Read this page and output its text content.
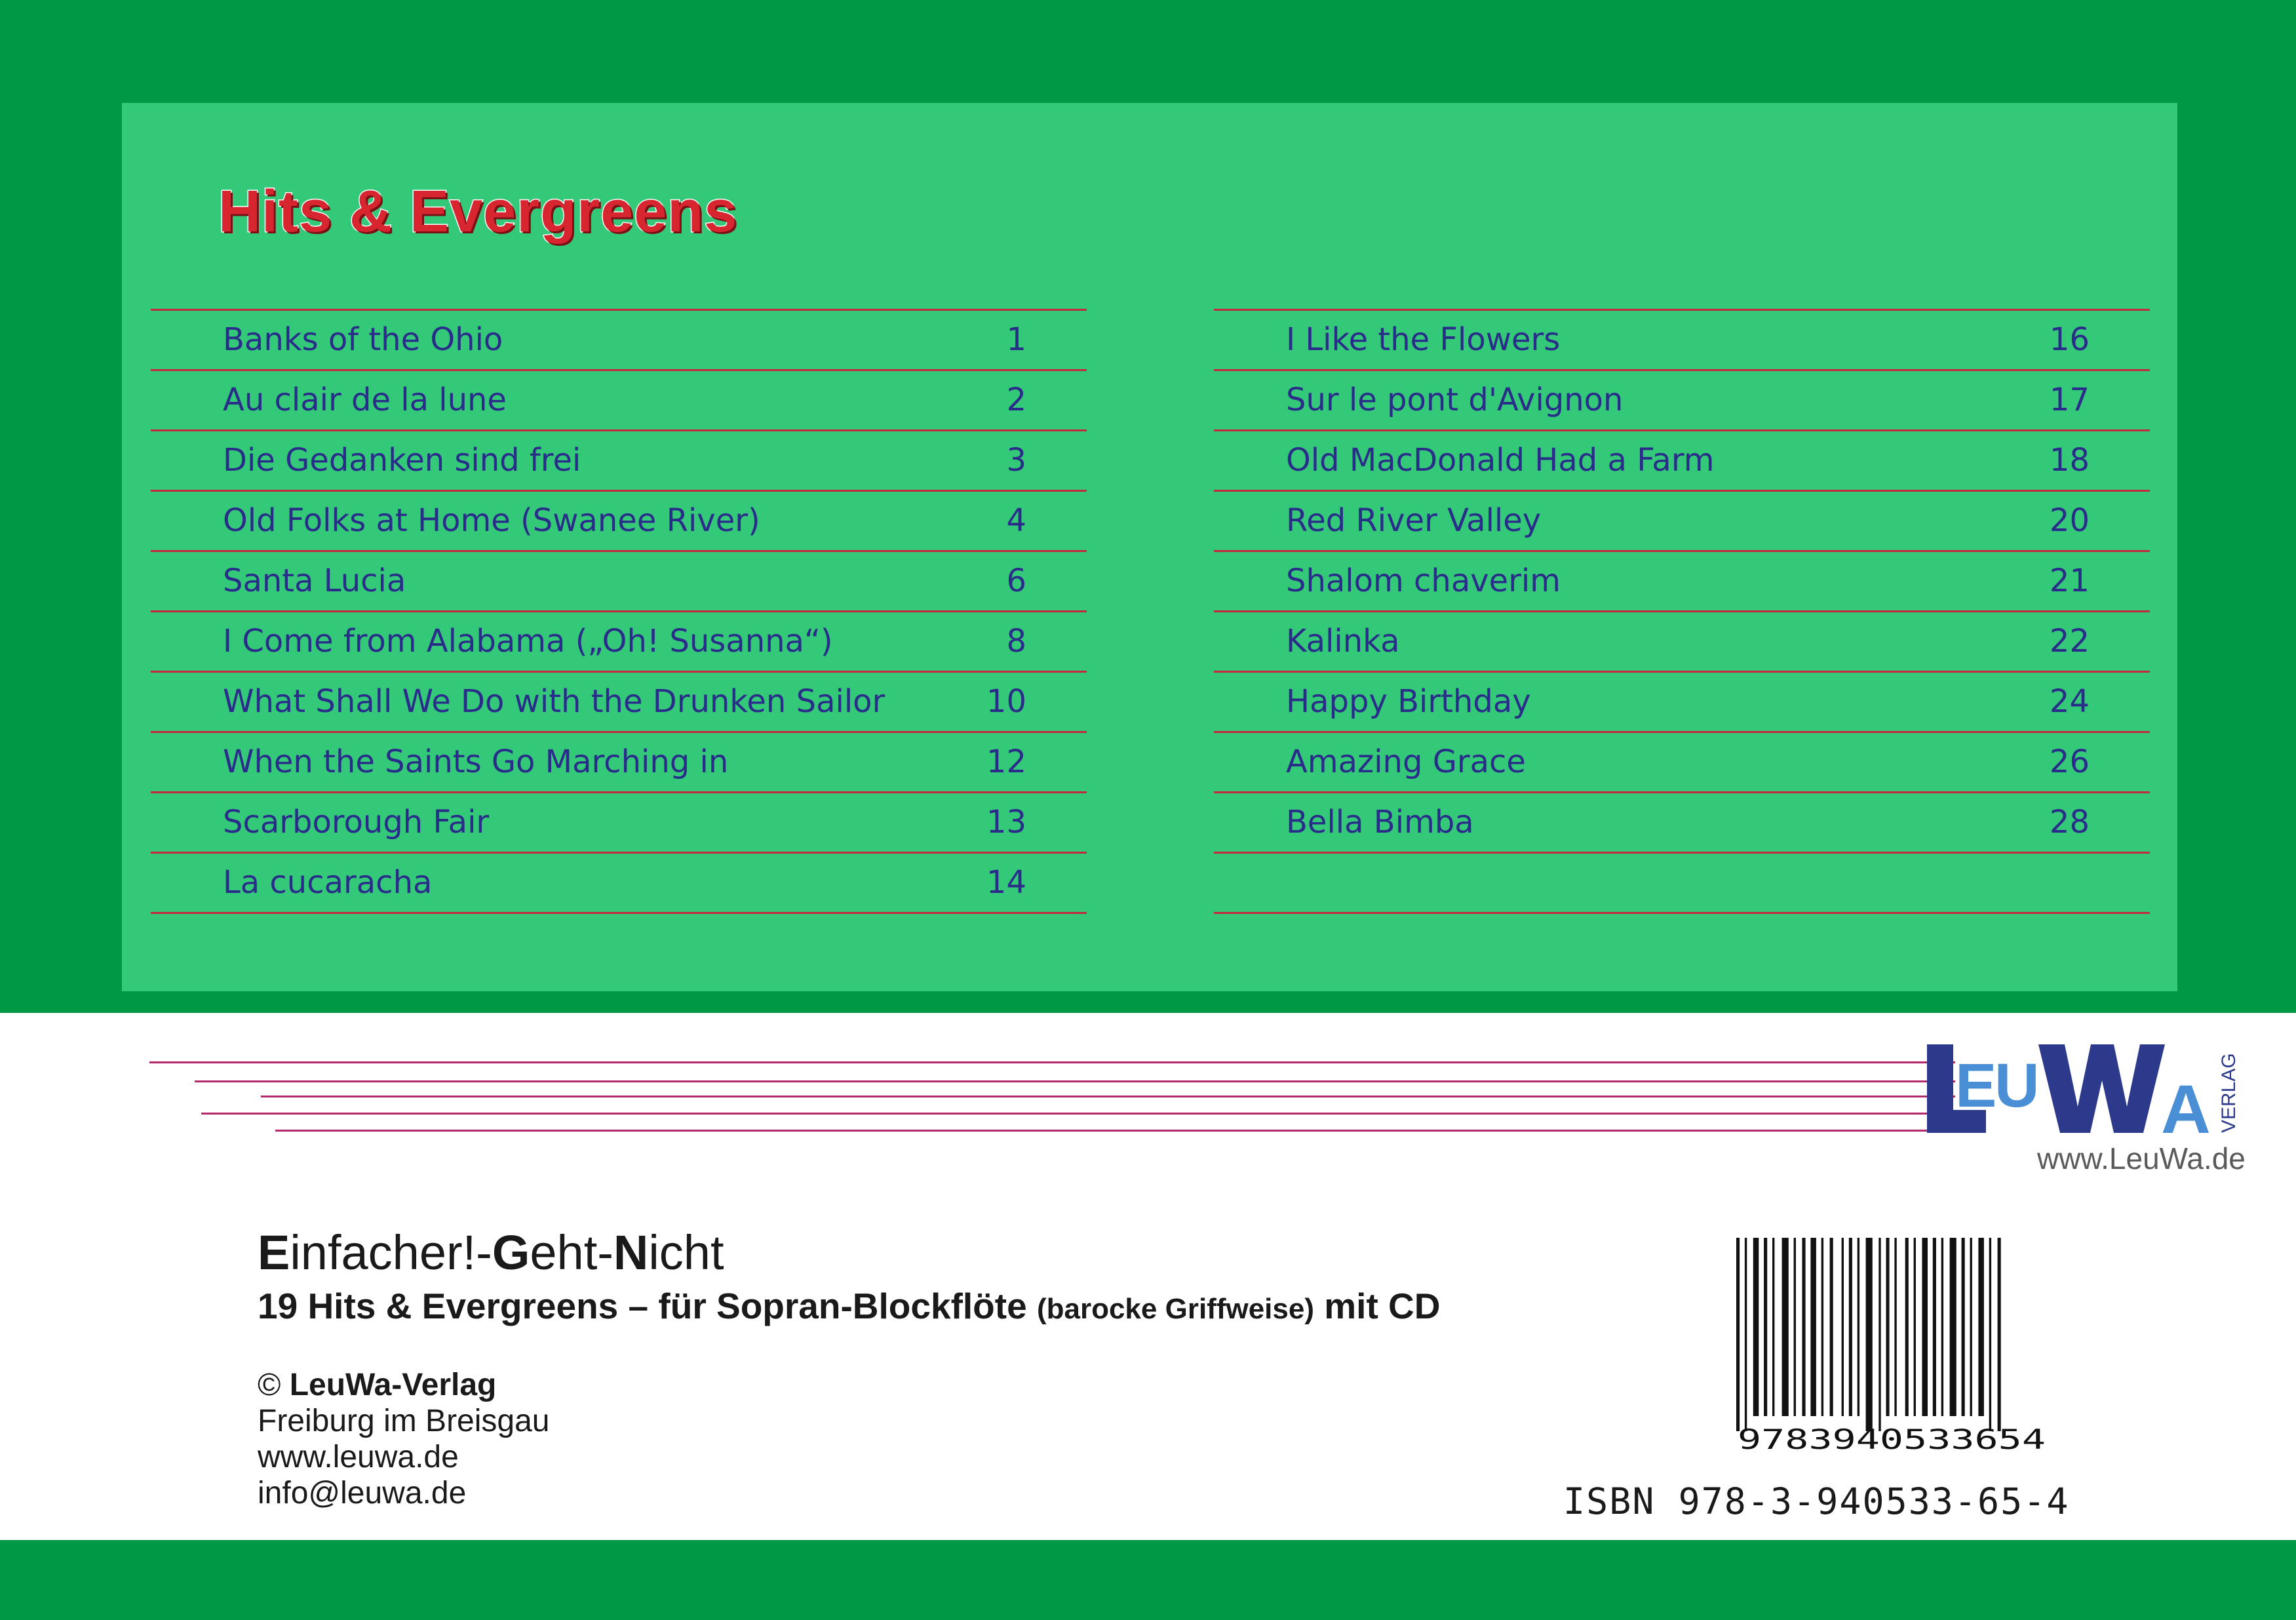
Hits & Evergreens
Banks of the Ohio	1
Au clair de la lune	2
Die Gedanken sind frei	3
Old Folks at Home (Swanee River)	4
Santa Lucia	6
I Come from Alabama („Oh! Susanna“)	8
What Shall We Do with the Drunken Sailor	10
When the Saints Go Marching in	12
Scarborough Fair	13
La cucaracha	14
I Like the Flowers	16
Sur le pont d'Avignon	17
Old MacDonald Had a Farm	18
Red River Valley	20
Shalom chaverim	21
Kalinka	22
Happy Birthday	24
Amazing Grace	26
Bella Bimba	28
E
U A VERLAG
www.LeuWa.de
Einfacher!-Geht-Nicht
19 Hits & Evergreens – für Sopran-Blockflöte (barocke Griffweise) mit CD
© LeuWa-Verlag
Freiburg im Breisgau
www.leuwa.de
info@leuwa.de
9783940533654
ISBN 978-3-940533-65-4
